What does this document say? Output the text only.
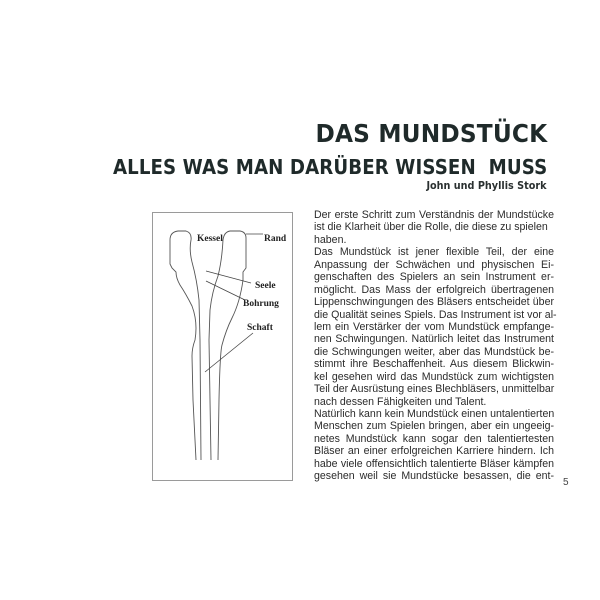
DAS MUNDSTÜCK
ALLES WAS MAN DARÜBER WISSEN  MUSS
John und Phyllis Stork
Kessel	Rand
Seele
Bohrung
Schaft
Der erste Schritt zum Verständnis der Mundstücke
ist die Klarheit über die Rolle, die diese zu spielen
haben.
Das Mundstück ist jener flexible Teil, der eine
Anpassung der Schwächen und physischen Ei-
genschaften des Spielers an sein Instrument er-
möglicht. Das Mass der erfolgreich übertragenen
Lippenschwingungen des Bläsers entscheidet über
die Qualität seines Spiels. Das Instrument ist vor al-
lem ein Verstärker der vom Mundstück empfange-
nen Schwingungen. Natürlich leitet das Instrument
die Schwingungen weiter, aber das Mundstück be-
stimmt ihre Beschaffenheit. Aus diesem Blickwin-
kel gesehen wird das Mundstück zum wichtigsten
Teil der Ausrüstung eines Blechbläsers, unmittelbar
nach dessen Fähigkeiten und Talent.
Natürlich kann kein Mundstück einen untalentierten
Menschen zum Spielen bringen, aber ein ungeeig-
netes Mundstück kann sogar den talentiertesten
Bläser an einer erfolgreichen Karriere hindern. Ich
habe viele offensichtlich talentierte Bläser kämpfen
gesehen weil sie Mundstücke besassen, die ent-
5
